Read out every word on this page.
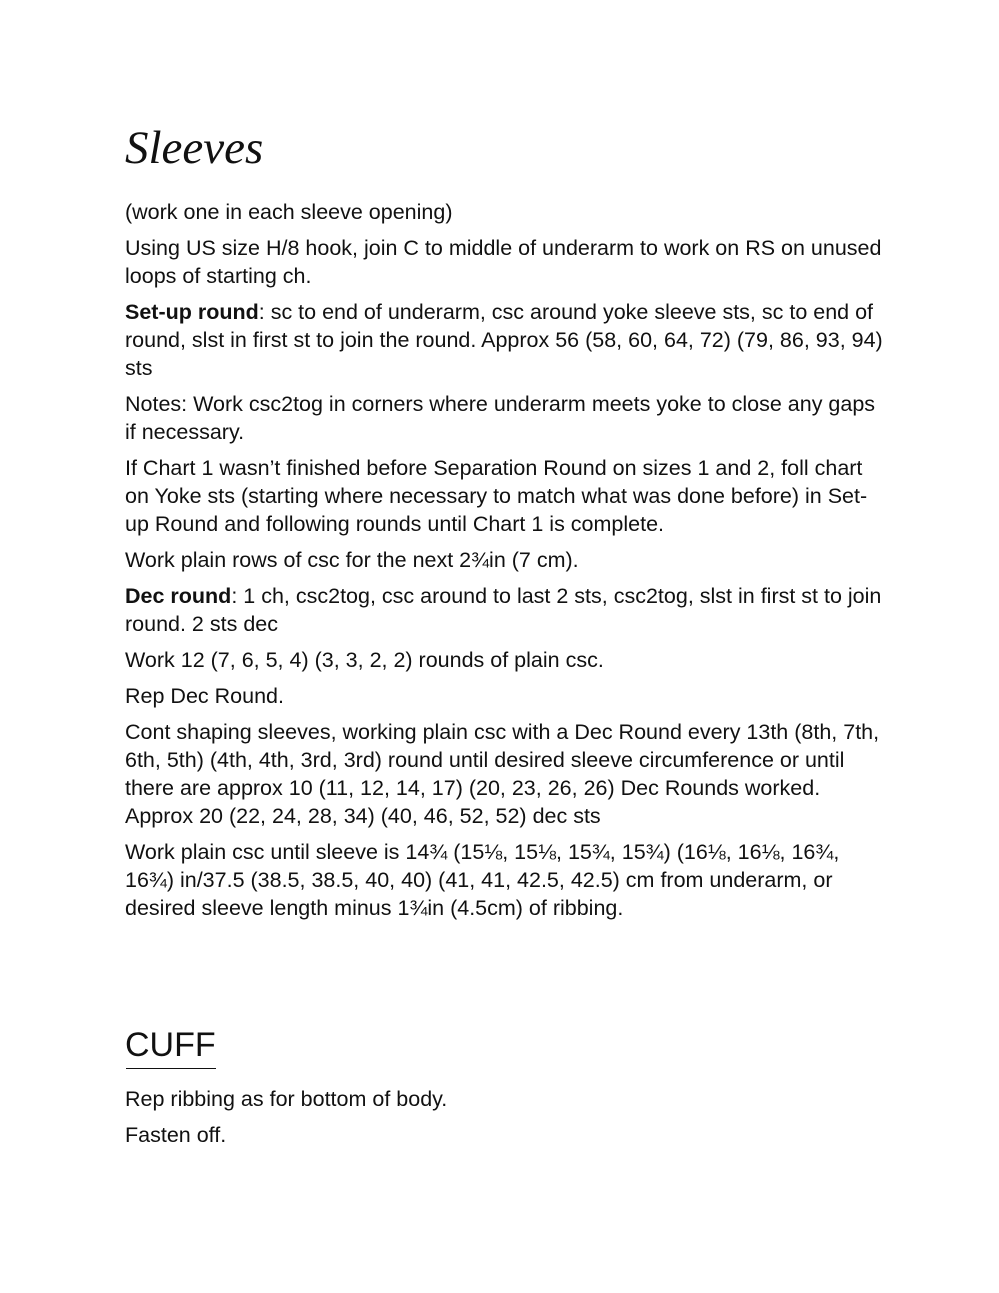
Sleeves

(work one in each sleeve opening)

Using US size H/8 hook, join C to middle of underarm to work on RS on unused loops of starting ch.

Set-up round: sc to end of underarm, csc around yoke sleeve sts, sc to end of round, slst in first st to join the round. Approx 56 (58, 60, 64, 72) (79, 86, 93, 94) sts

Notes: Work csc2tog in corners where underarm meets yoke to close any gaps if necessary.

If Chart 1 wasn’t finished before Separation Round on sizes 1 and 2, foll chart on Yoke sts (starting where necessary to match what was done before) in Set-up Round and following rounds until Chart 1 is complete.

Work plain rows of csc for the next 2¾in (7 cm).

Dec round: 1 ch, csc2tog, csc around to last 2 sts, csc2tog, slst in first st to join round. 2 sts dec

Work 12 (7, 6, 5, 4) (3, 3, 2, 2) rounds of plain csc.

Rep Dec Round.

Cont shaping sleeves, working plain csc with a Dec Round every 13th (8th, 7th, 6th, 5th) (4th, 4th, 3rd, 3rd) round until desired sleeve circumference or until there are approx 10 (11, 12, 14, 17) (20, 23, 26, 26) Dec Rounds worked. Approx 20 (22, 24, 28, 34) (40, 46, 52, 52) dec sts

Work plain csc until sleeve is 14¾ (15⅛, 15⅛, 15¾, 15¾) (16⅛, 16⅛, 16¾, 16¾) in/37.5 (38.5, 38.5, 40, 40) (41, 41, 42.5, 42.5) cm from underarm, or desired sleeve length minus 1¾in (4.5cm) of ribbing.

CUFF

Rep ribbing as for bottom of body.

Fasten off.
